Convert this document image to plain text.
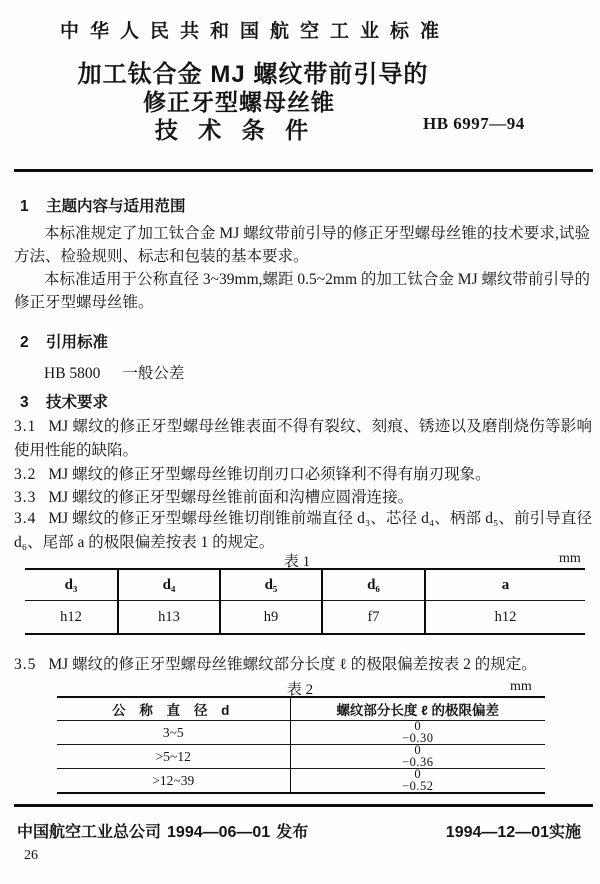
中华人民共和国航空工业标准
加工钛合金 MJ 螺纹带前引导的
修正牙型螺母丝锥
技 术 条 件	HB 6997—94
1 主题内容与适用范围

本标准规定了加工钛合金 MJ 螺纹带前引导的修正牙型螺母丝锥的技术要求,试验方法、检验规则、标志和包装的基本要求。

本标准适用于公称直径 3~39mm,螺距 0.5~2mm 的加工钛合金 MJ 螺纹带前引导的修正牙型螺母丝锥。

2 引用标准
HB 5800 一般公差
3 技术要求
3.1 MJ 螺纹的修正牙型螺母丝锥表面不得有裂纹、刻痕、锈迹以及磨削烧伤等影响使用性能的缺陷。
3.2 MJ 螺纹的修正牙型螺母丝锥切削刃口必须锋利不得有崩刃现象。
3.3 MJ 螺纹的修正牙型螺母丝锥前面和沟槽应圆滑连接。
3.4 MJ 螺纹的修正牙型螺母丝锥切削锥前端直径 d₃、芯径 d₄、柄部 d₅、前引导直径 d₆、尾部 a 的极限偏差按表 1 的规定。
表 1	mm
d₃	d₄	d₅	d₆	a
h12	h13	h9	f7	h12
3.5 MJ 螺纹的修正牙型螺母丝锥螺纹部分长度 ℓ 的极限偏差按表 2 的规定。
表 2	mm
公 称 直 径 d	螺纹部分长度 ℓ 的极限偏差
3~5	0
−0.30

>5~12	0
−0.36

>12~39	0
−0.52
中国航空工业总公司 1994—06—01 发布	1994—12—01实施
26
